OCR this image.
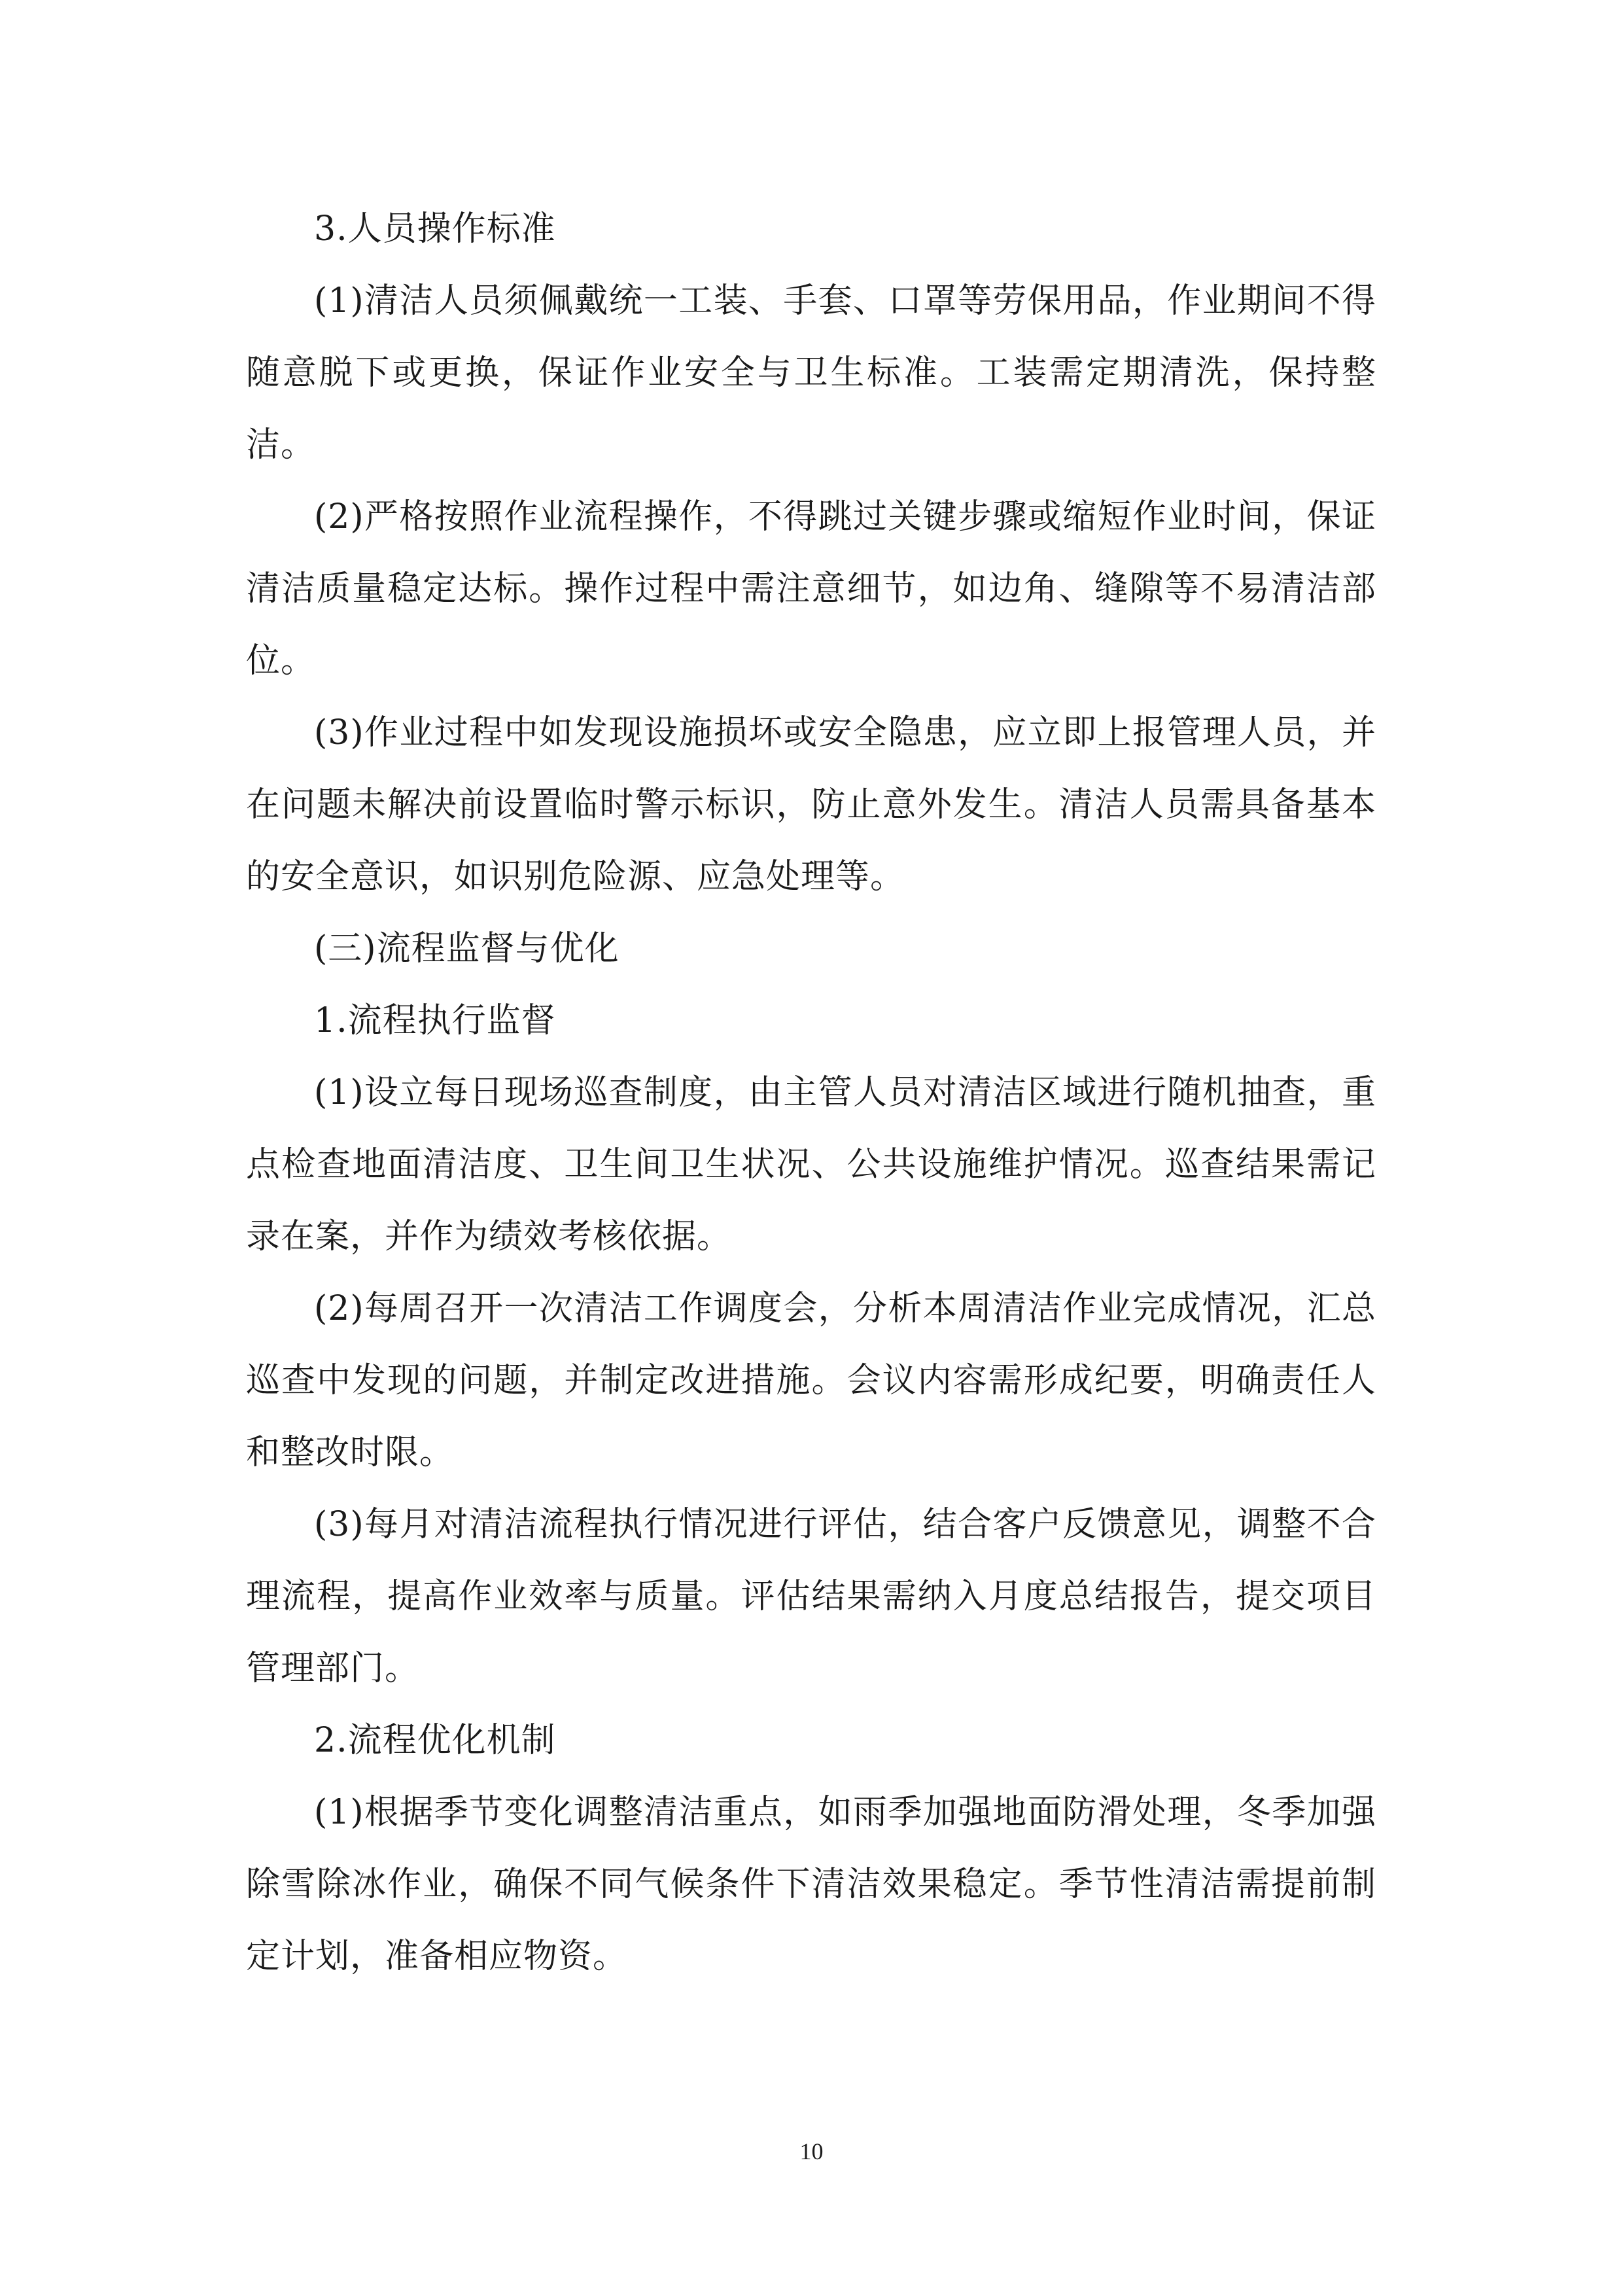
3.人员操作标准

(1)清洁人员须佩戴统一工装、手套、口罩等劳保用品，作业期间不得随意脱下或更换，保证作业安全与卫生标准。工装需定期清洗，保持整洁。

(2)严格按照作业流程操作，不得跳过关键步骤或缩短作业时间，保证清洁质量稳定达标。操作过程中需注意细节，如边角、缝隙等不易清洁部位。

(3)作业过程中如发现设施损坏或安全隐患，应立即上报管理人员，并在问题未解决前设置临时警示标识，防止意外发生。清洁人员需具备基本的安全意识，如识别危险源、应急处理等。

(三)流程监督与优化

1.流程执行监督

(1)设立每日现场巡查制度，由主管人员对清洁区域进行随机抽查，重点检查地面清洁度、卫生间卫生状况、公共设施维护情况。巡查结果需记录在案，并作为绩效考核依据。

(2)每周召开一次清洁工作调度会，分析本周清洁作业完成情况，汇总巡查中发现的问题，并制定改进措施。会议内容需形成纪要，明确责任人和整改时限。

(3)每月对清洁流程执行情况进行评估，结合客户反馈意见，调整不合理流程，提高作业效率与质量。评估结果需纳入月度总结报告，提交项目管理部门。

2.流程优化机制

(1)根据季节变化调整清洁重点，如雨季加强地面防滑处理，冬季加强除雪除冰作业，确保不同气候条件下清洁效果稳定。季节性清洁需提前制定计划，准备相应物资。

10
